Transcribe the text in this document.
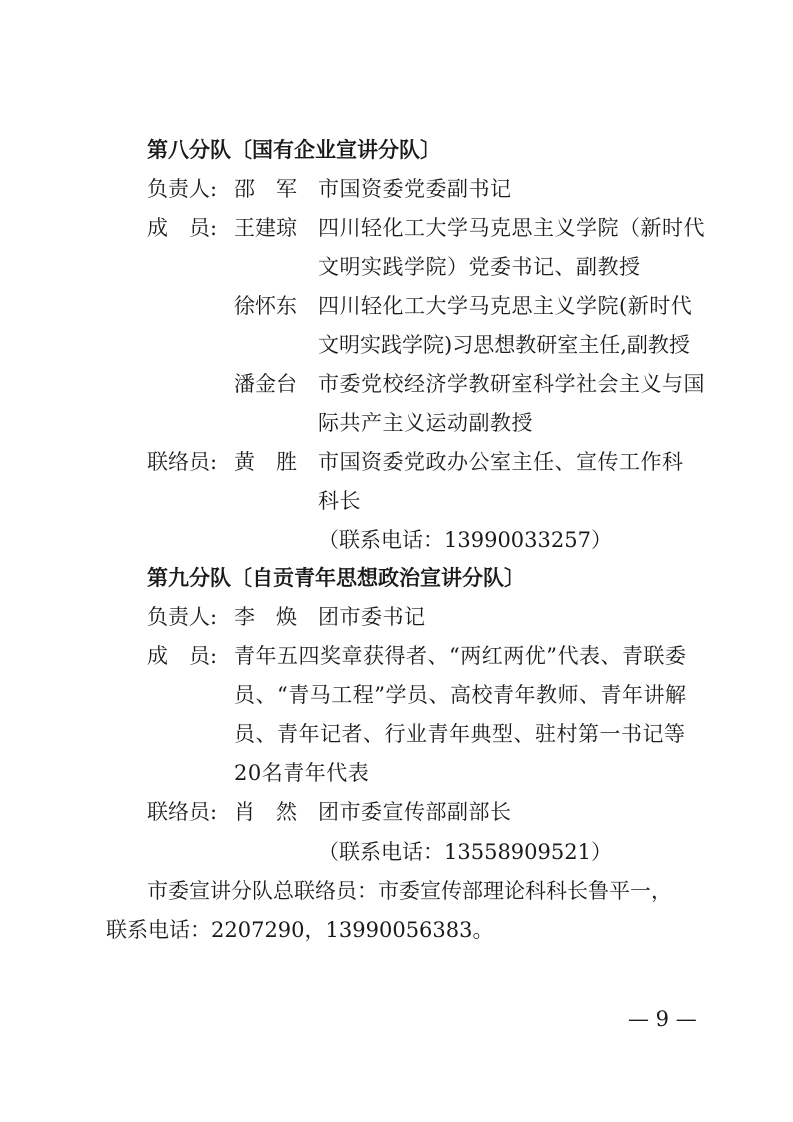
第八分队〔国有企业宣讲分队〕
负责人: 邵　军 市国资委党委副书记
成　员: 王建琼 四川轻化工大学马克思主义学院（新时代
文明实践学院）党委书记、副教授
徐怀东 四川轻化工大学马克思主义学院(新时代
文明实践学院)习思想教研室主任,副教授
潘金台 市委党校经济学教研室科学社会主义与国
际共产主义运动副教授
联络员: 黄　胜 市国资委党政办公室主任、宣传工作科
科长
（联系电话：13990033257）
第九分队〔自贡青年思想政治宣讲分队〕
负责人: 李　焕 团市委书记
成　员: 青年五四奖章获得者、“两红两优”代表、青联委
员、“青马工程”学员、高校青年教师、青年讲解
员、青年记者、行业青年典型、驻村第一书记等
20名青年代表
联络员: 肖　然 团市委宣传部副部长
（联系电话：13558909521）
市委宣讲分队总联络员：市委宣传部理论科科长鲁平一，
联系电话：2207290，13990056383。
— 9 —
